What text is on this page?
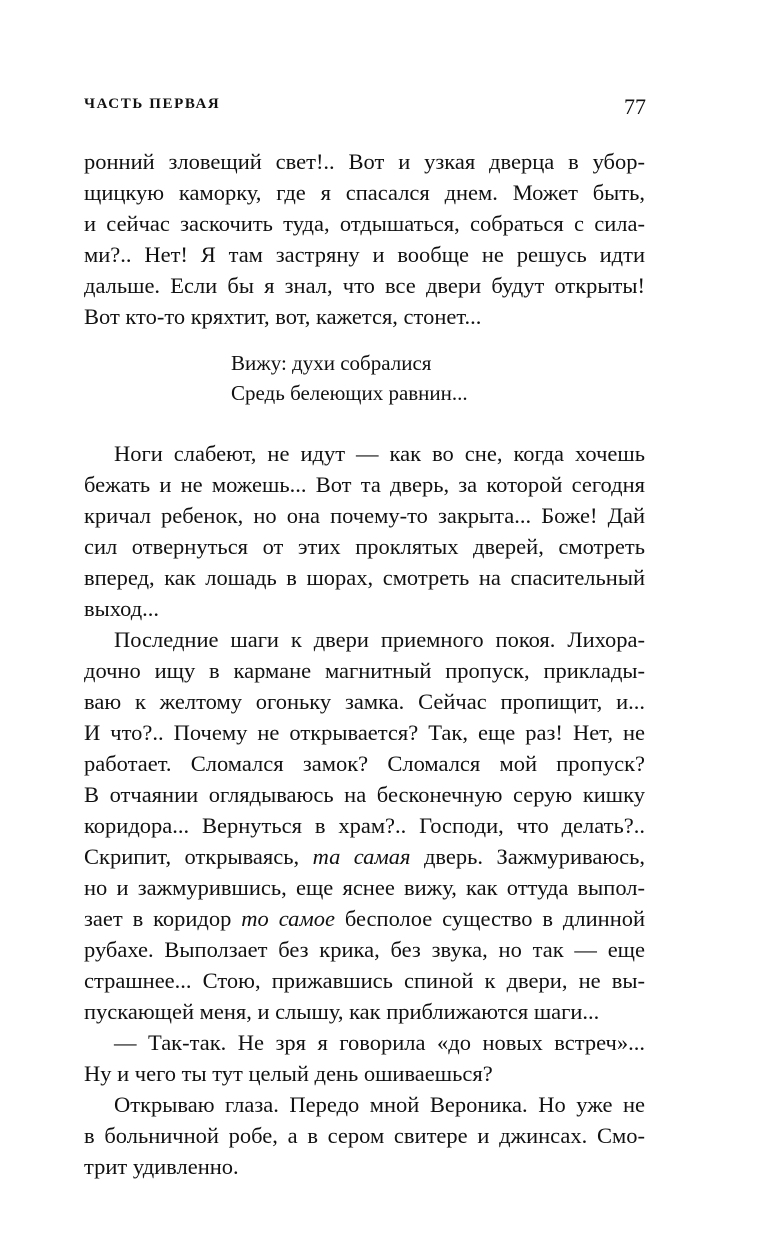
ЧАСТЬ ПЕРВАЯ	77
ронний зловещий свет!.. Вот и узкая дверца в убор-
щицкую каморку, где я спасался днем. Может быть,
и сейчас заскочить туда, отдышаться, собраться с сила-
ми?.. Нет! Я там застряну и вообще не решусь идти
дальше. Если бы я знал, что все двери будут открыты!
Вот кто-то кряхтит, вот, кажется, стонет...
Вижу: духи собралися
Средь белеющих равнин...
Ноги слабеют, не идут — как во сне, когда хочешь
бежать и не можешь... Вот та дверь, за которой сегодня
кричал ребенок, но она почему-то закрыта... Боже! Дай
сил отвернуться от этих проклятых дверей, смотреть
вперед, как лошадь в шорах, смотреть на спасительный
выход...
Последние шаги к двери приемного покоя. Лихора-
дочно ищу в кармане магнитный пропуск, приклады-
ваю к желтому огоньку замка. Сейчас пропищит, и...
И что?.. Почему не открывается? Так, еще раз! Нет, не
работает. Сломался замок? Сломался мой пропуск?
В отчаянии оглядываюсь на бесконечную серую кишку
коридора... Вернуться в храм?.. Господи, что делать?..
Скрипит, открываясь, та самая дверь. Зажмуриваюсь,
но и зажмурившись, еще яснее вижу, как оттуда выпол-
зает в коридор то самое бесполое существо в длинной
рубахе. Выползает без крика, без звука, но так — еще
страшнее... Стою, прижавшись спиной к двери, не вы-
пускающей меня, и слышу, как приближаются шаги...
— Так-так. Не зря я говорила «до новых встреч»...
Ну и чего ты тут целый день ошиваешься?
Открываю глаза. Передо мной Вероника. Но уже не
в больничной робе, а в сером свитере и джинсах. Смо-
трит удивленно.
